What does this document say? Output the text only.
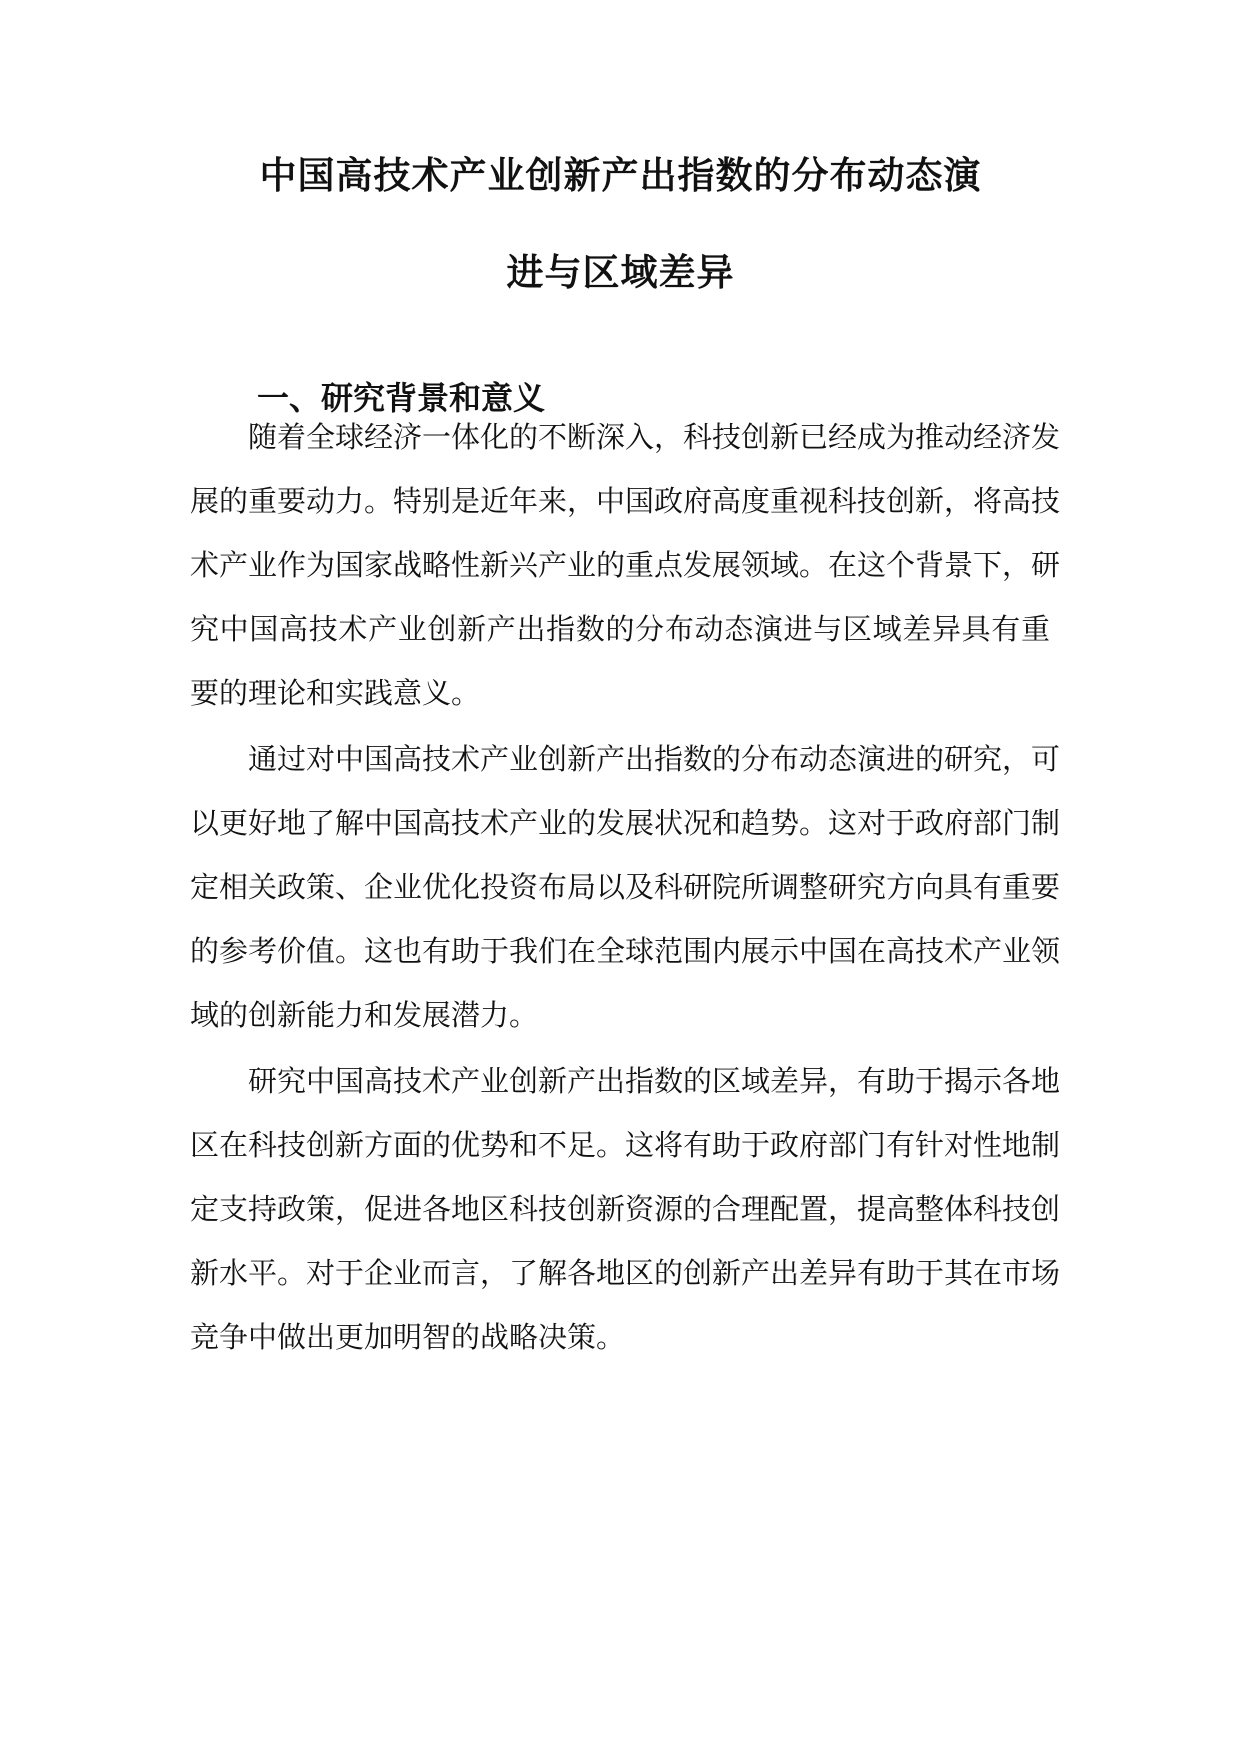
中国高技术产业创新产出指数的分布动态演
进与区域差异
一、研究背景和意义
随着全球经济一体化的不断深入，科技创新已经成为推动经济发
展的重要动力。特别是近年来，中国政府高度重视科技创新，将高技
术产业作为国家战略性新兴产业的重点发展领域。在这个背景下，研
究中国高技术产业创新产出指数的分布动态演进与区域差异具有重
要的理论和实践意义。
通过对中国高技术产业创新产出指数的分布动态演进的研究，可
以更好地了解中国高技术产业的发展状况和趋势。这对于政府部门制
定相关政策、企业优化投资布局以及科研院所调整研究方向具有重要
的参考价值。这也有助于我们在全球范围内展示中国在高技术产业领
域的创新能力和发展潜力。
研究中国高技术产业创新产出指数的区域差异，有助于揭示各地
区在科技创新方面的优势和不足。这将有助于政府部门有针对性地制
定支持政策，促进各地区科技创新资源的合理配置，提高整体科技创
新水平。对于企业而言，了解各地区的创新产出差异有助于其在市场
竞争中做出更加明智的战略决策。
